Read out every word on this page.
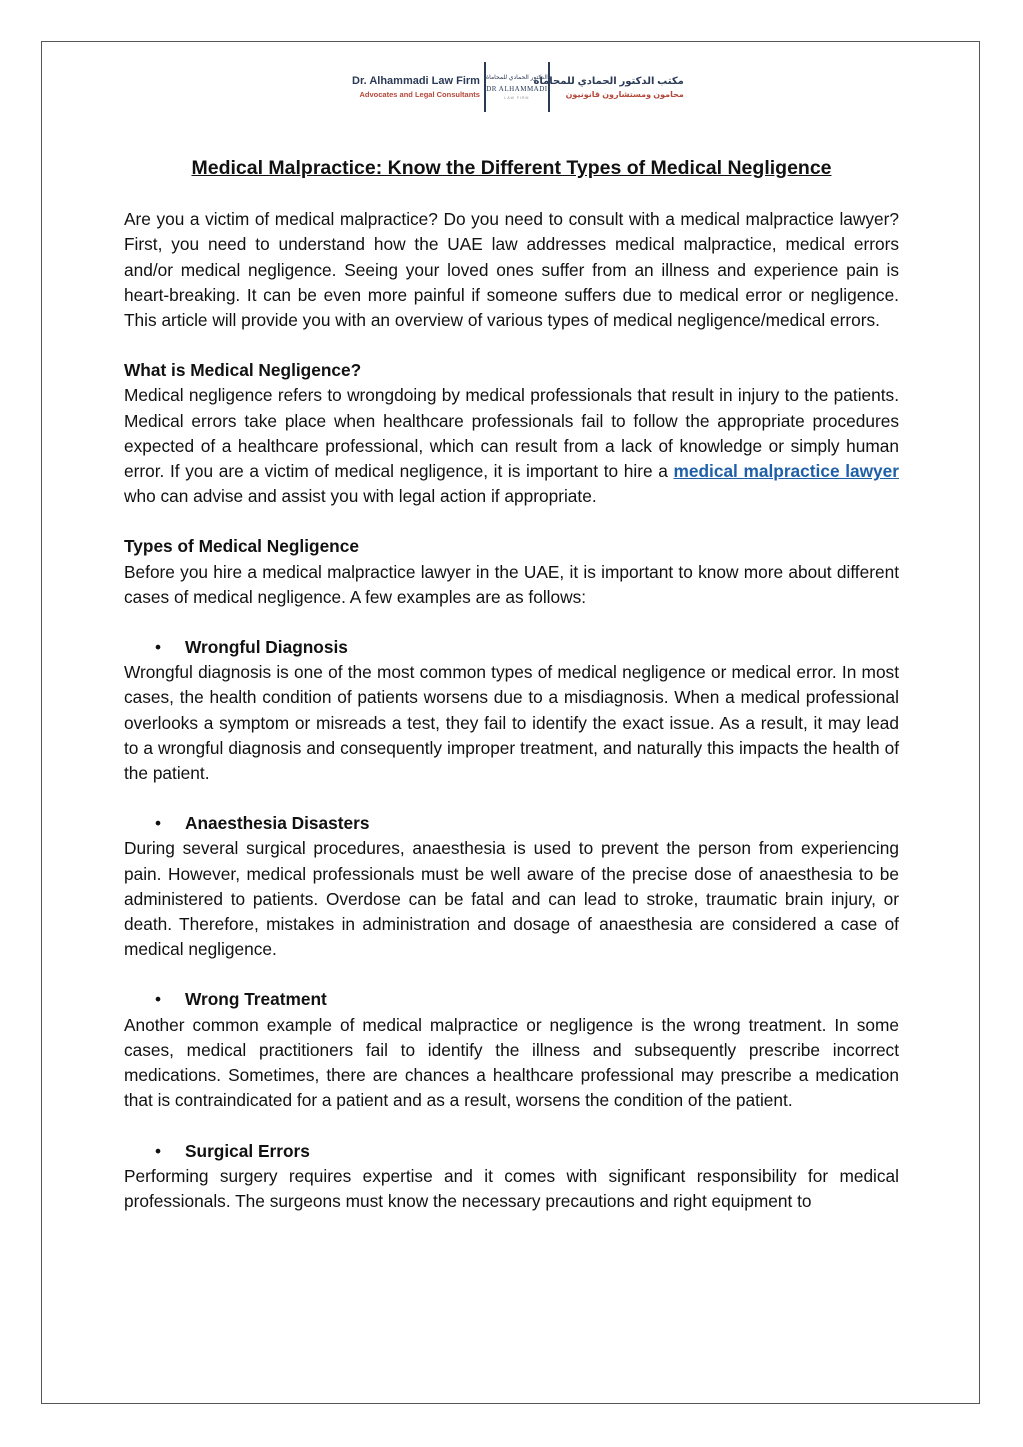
Dr. Alhammadi Law Firm
Advocates and Legal Consultants
الدكتور الحمادي للمحاماة
DR ALHAMMADI
LAW FIRM
مكتب الدكتور الحمادي للمحاماة
محامون ومستشارون قانونيون
Medical Malpractice: Know the Different Types of Medical Negligence

Are you a victim of medical malpractice? Do you need to consult with a medical malpractice lawyer? First, you need to understand how the UAE law addresses medical malpractice, medical errors and/or medical negligence. Seeing your loved ones suffer from an illness and experience pain is heart-breaking. It can be even more painful if someone suffers due to medical error or negligence. This article will provide you with an overview of various types of medical negligence/medical errors.

What is Medical Negligence?

Medical negligence refers to wrongdoing by medical professionals that result in injury to the patients. Medical errors take place when healthcare professionals fail to follow the appropriate procedures expected of a healthcare professional, which can result from a lack of knowledge or simply human error. If you are a victim of medical negligence, it is important to hire a medical malpractice lawyer who can advise and assist you with legal action if appropriate.

Types of Medical Negligence

Before you hire a medical malpractice lawyer in the UAE, it is important to know more about different cases of medical negligence. A few examples are as follows:

• Wrongful Diagnosis

Wrongful diagnosis is one of the most common types of medical negligence or medical error. In most cases, the health condition of patients worsens due to a misdiagnosis. When a medical professional overlooks a symptom or misreads a test, they fail to identify the exact issue. As a result, it may lead to a wrongful diagnosis and consequently improper treatment, and naturally this impacts the health of the patient.

• Anaesthesia Disasters

During several surgical procedures, anaesthesia is used to prevent the person from experiencing pain. However, medical professionals must be well aware of the precise dose of anaesthesia to be administered to patients. Overdose can be fatal and can lead to stroke, traumatic brain injury, or death. Therefore, mistakes in administration and dosage of anaesthesia are considered a case of medical negligence.

• Wrong Treatment

Another common example of medical malpractice or negligence is the wrong treatment. In some cases, medical practitioners fail to identify the illness and subsequently prescribe incorrect medications. Sometimes, there are chances a healthcare professional may prescribe a medication that is contraindicated for a patient and as a result, worsens the condition of the patient.

• Surgical Errors

Performing surgery requires expertise and it comes with significant responsibility for medical professionals. The surgeons must know the necessary precautions and right equipment to
